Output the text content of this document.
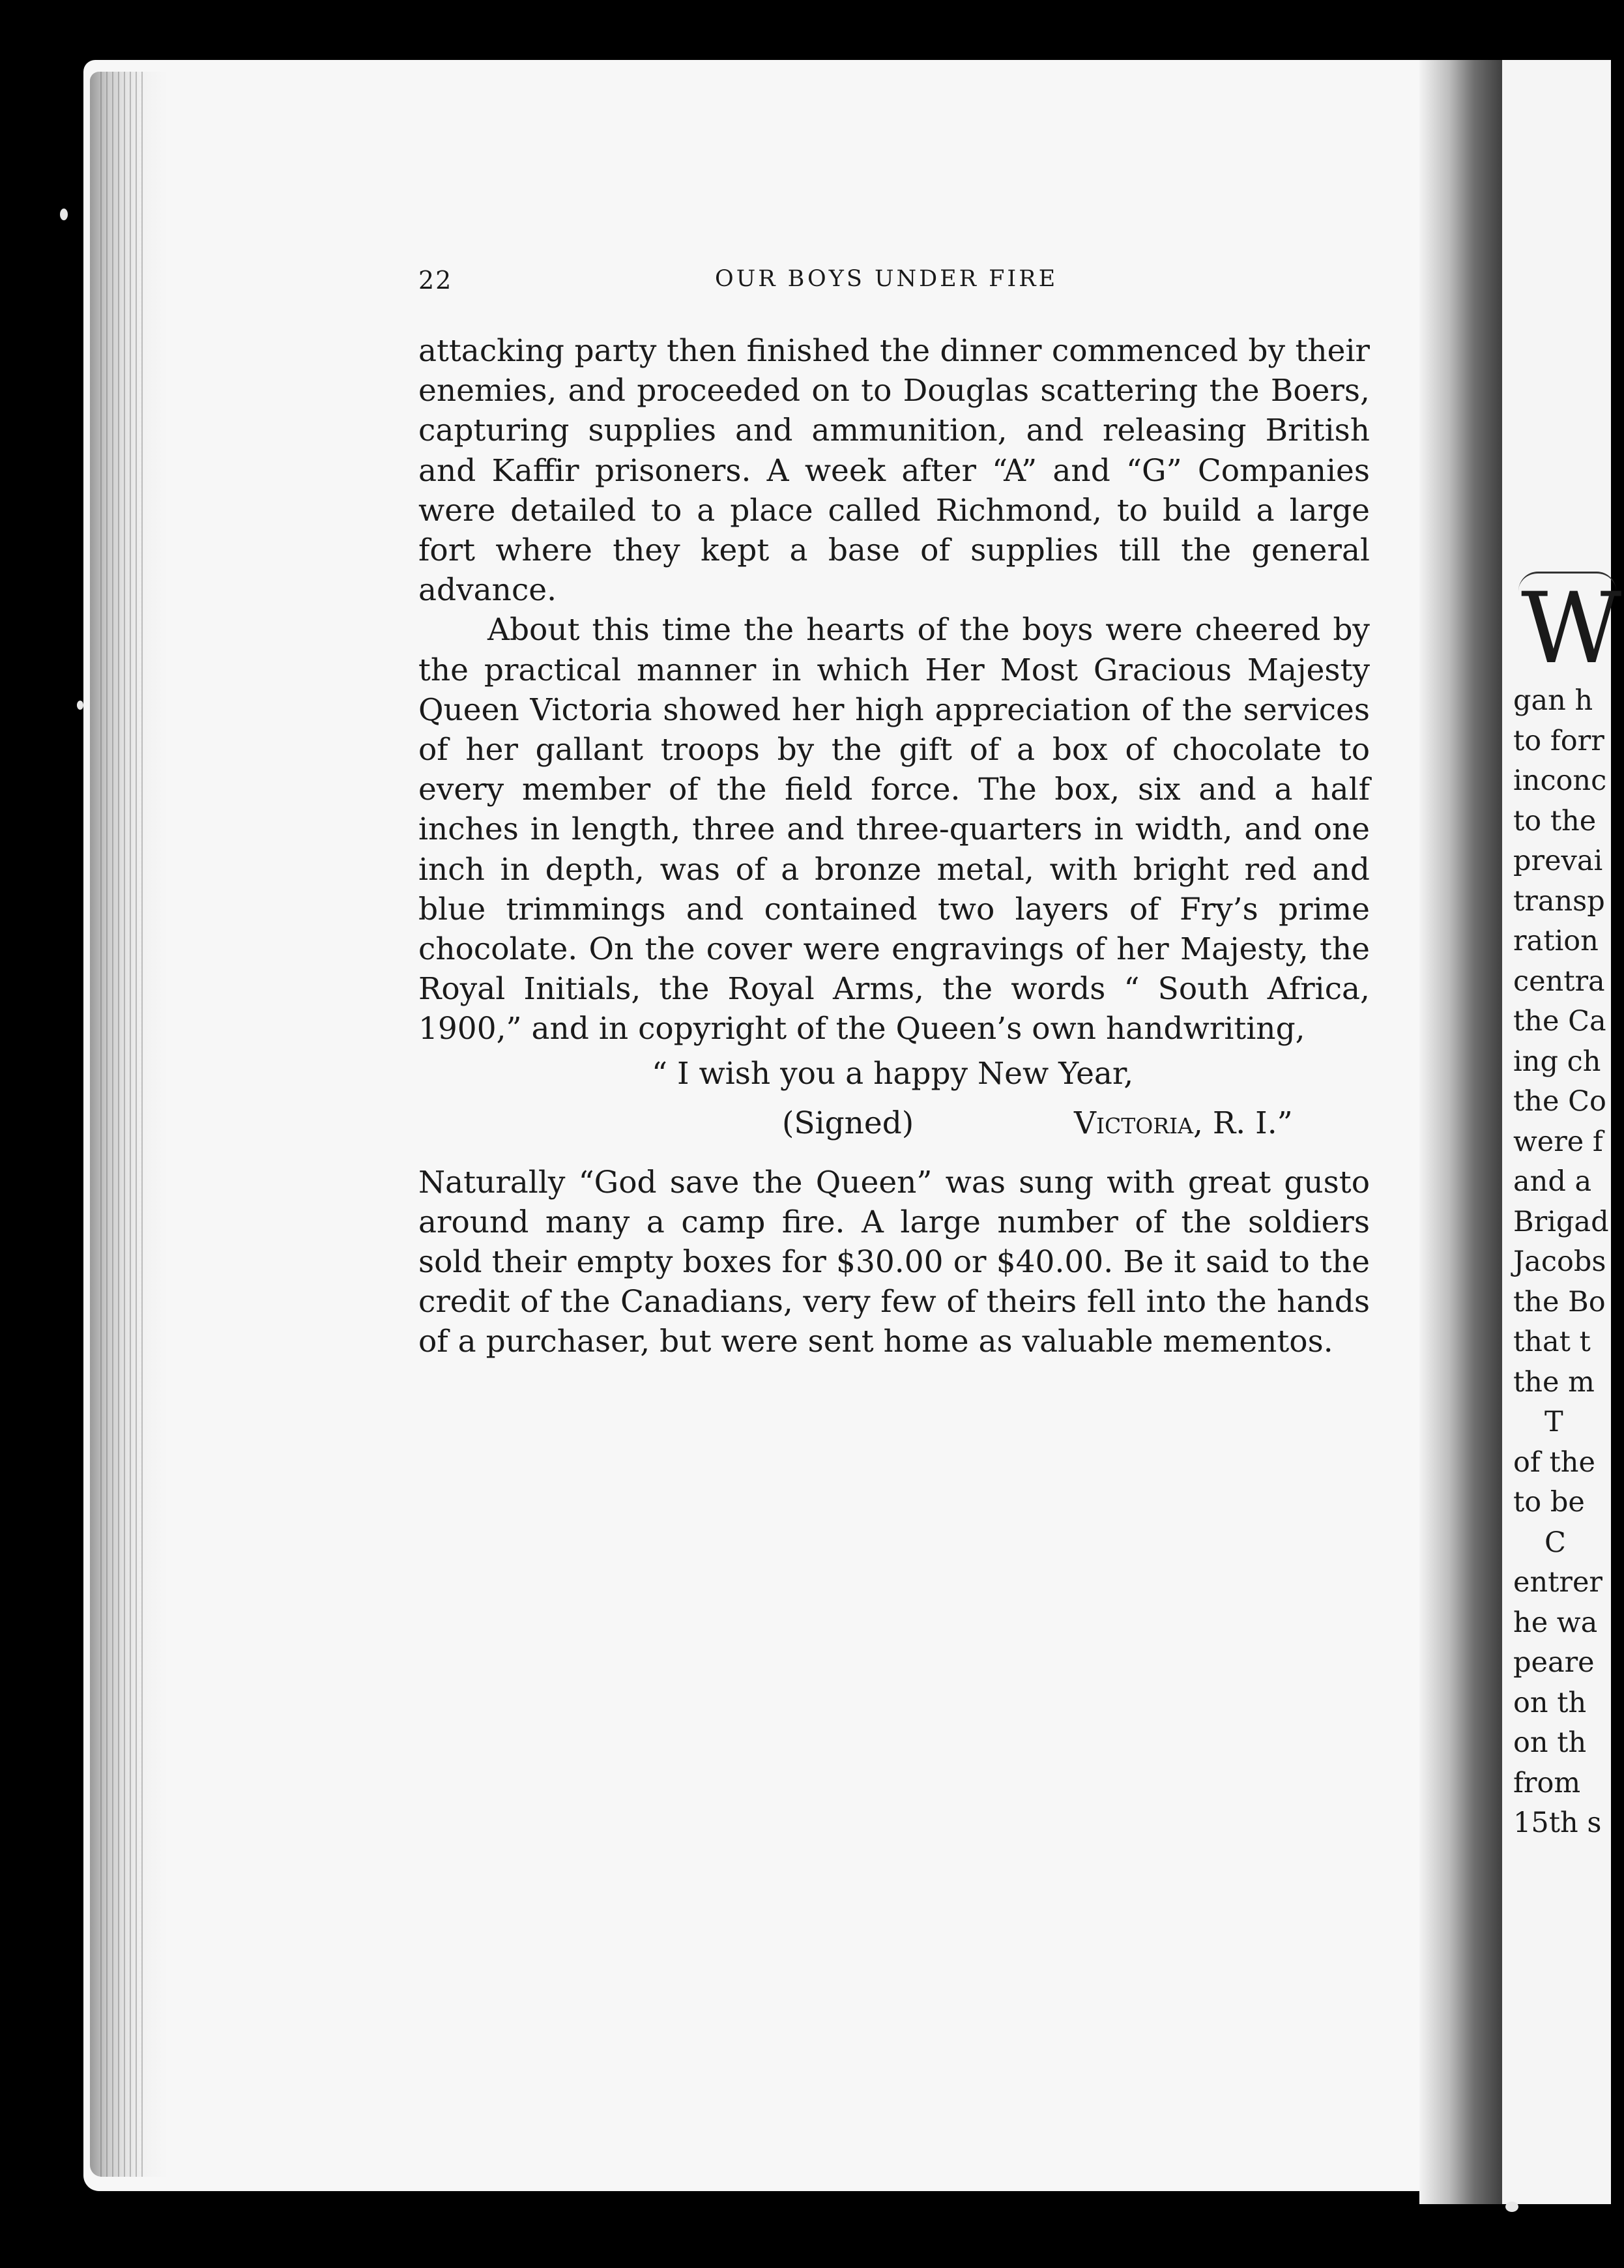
22	OUR BOYS UNDER FIRE

attacking party then finished the dinner commenced by their enemies, and proceeded on to Douglas scattering the Boers, capturing supplies and ammunition, and releasing British and Kaffir prisoners. A week after “A” and “G” Companies were detailed to a place called Richmond, to build a large fort where they kept a base of supplies till the general advance.

About this time the hearts of the boys were cheered by the practical manner in which Her Most Gracious Majesty Queen Victoria showed her high appreciation of the services of her gallant troops by the gift of a box of chocolate to every member of the field force. The box, six and a half inches in length, three and three-quarters in width, and one inch in depth, was of a bronze metal, with bright red and blue trimmings and contained two layers of Fry’s prime chocolate. On the cover were engravings of her Majesty, the Royal Initials, the Royal Arms, the words “ South Africa, 1900,” and in copyright of the Queen’s own handwriting,

“ I wish you a happy New Year,

(Signed)	Victoria, R. I.”

Naturally “God save the Queen” was sung with great gusto around many a camp fire. A large number of the soldiers sold their empty boxes for $30.00 or $40.00. Be it said to the credit of the Canadians, very few of theirs fell into the hands of a purchaser, but were sent home as valuable mementos.

W
gan h
to forr
inconc
to the
prevai
transp
ration
centra
the Ca
ing ch
the Co
were f
and a
Brigad
Jacobs
the Bo
that t
the m
T
of the
to be
C
entrer
he wa
peare
on th
on th
from
15th s
